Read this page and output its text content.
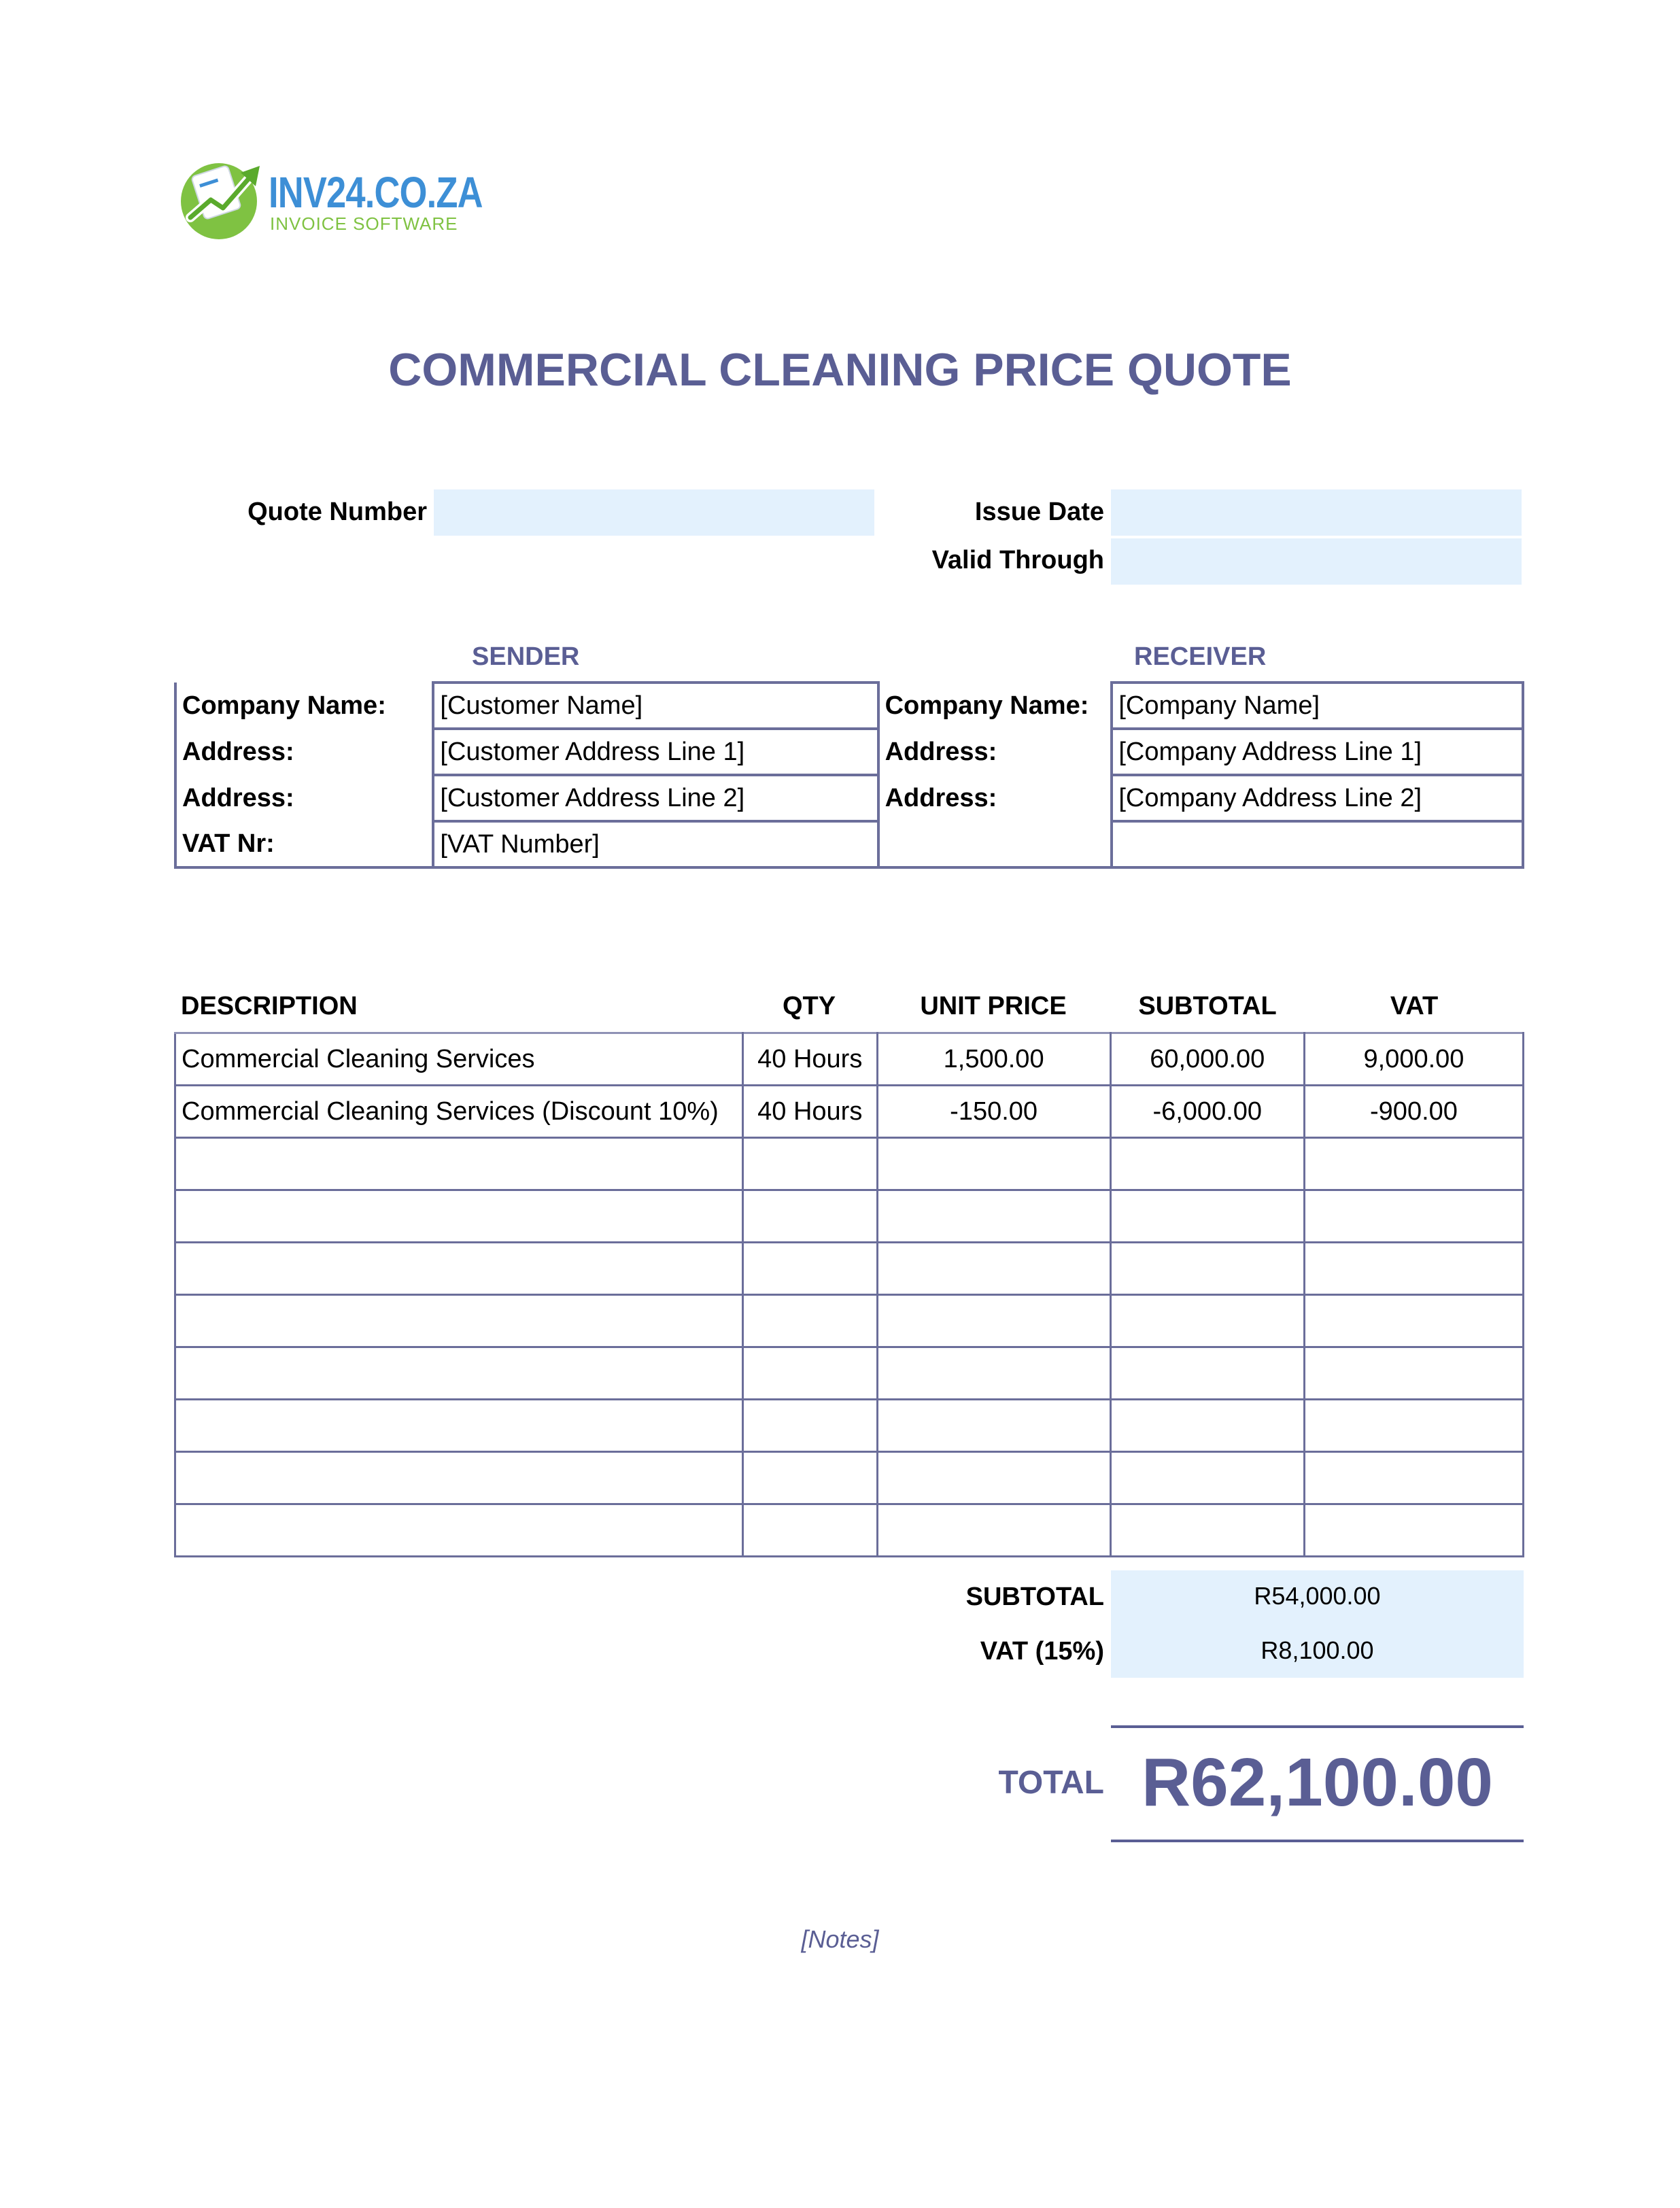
INV24.CO.ZA
INVOICE SOFTWARE
COMMERCIAL CLEANING PRICE QUOTE
Quote Number	Issue Date
Valid Through
SENDER	RECEIVER
Company Name:	[Customer Name]	Company Name:	[Company Name]
Address:	[Customer Address Line 1]	Address:	[Company Address Line 1]
Address:	[Customer Address Line 2]	Address:	[Company Address Line 2]
VAT Nr:	[VAT Number]		
DESCRIPTION	QTY	UNIT PRICE	SUBTOTAL	VAT
Commercial Cleaning Services	40 Hours	1,500.00	60,000.00	9,000.00
Commercial Cleaning Services (Discount 10%)	40 Hours	-150.00	-6,000.00	-900.00

SUBTOTAL	R54,000.00
VAT (15%)	R8,100.00
TOTAL R62,100.00
[Notes]
